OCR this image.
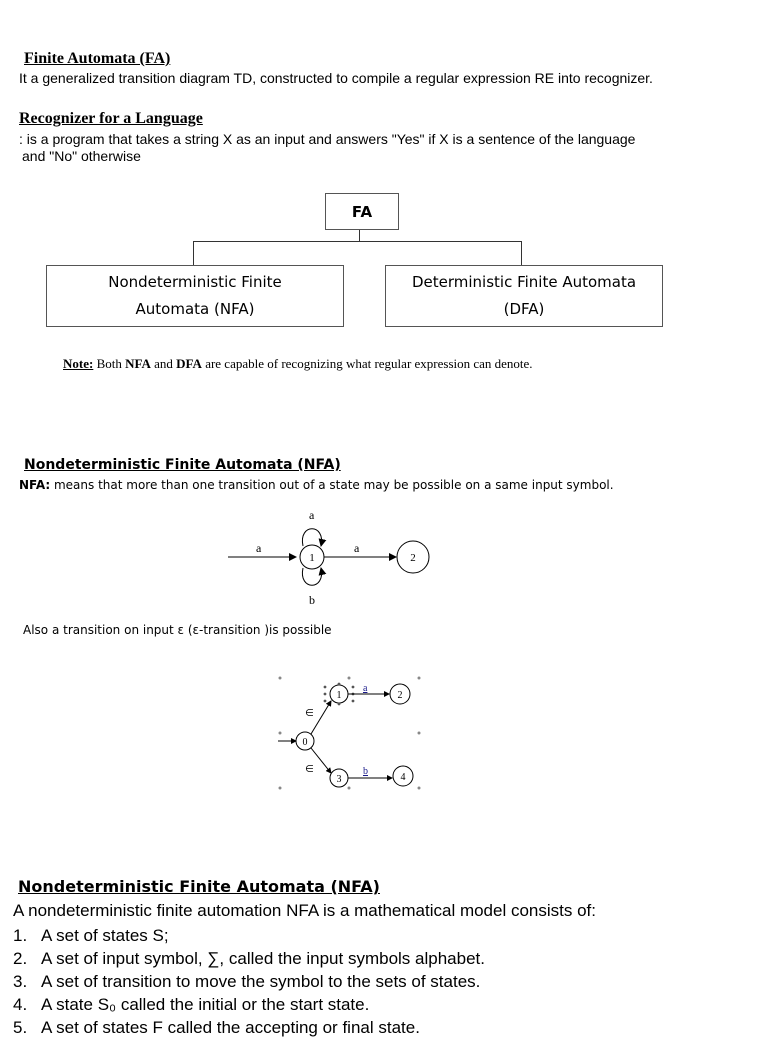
Finite Automata (FA)
It a generalized transition diagram TD, constructed to compile a regular expression RE into recognizer.
Recognizer for a Language
: is a program that takes a string X as an input and answers "Yes" if X is a sentence of the language
and "No" otherwise
FA
Nondeterministic Finite
Automata (NFA)
Deterministic Finite Automata
(DFA)
Note: Both NFA and DFA are capable of recognizing what regular expression can denote.
Nondeterministic Finite Automata (NFA)
NFA: means that more than one transition out of a state may be possible on a same input symbol.
a
a
b
1
a
2
Also a transition on input ε (ε-transition )is possible
0
∈
∈
1
a
2
3
b
4
Nondeterministic Finite Automata (NFA)
A nondeterministic finite automation NFA is a mathematical model consists of:
1. A set of states S;
2. A set of input symbol, ∑, called the input symbols alphabet.
3. A set of transition to move the symbol to the sets of states.
4. A state S₀ called the initial or the start state.
5. A set of states F called the accepting or final state.
